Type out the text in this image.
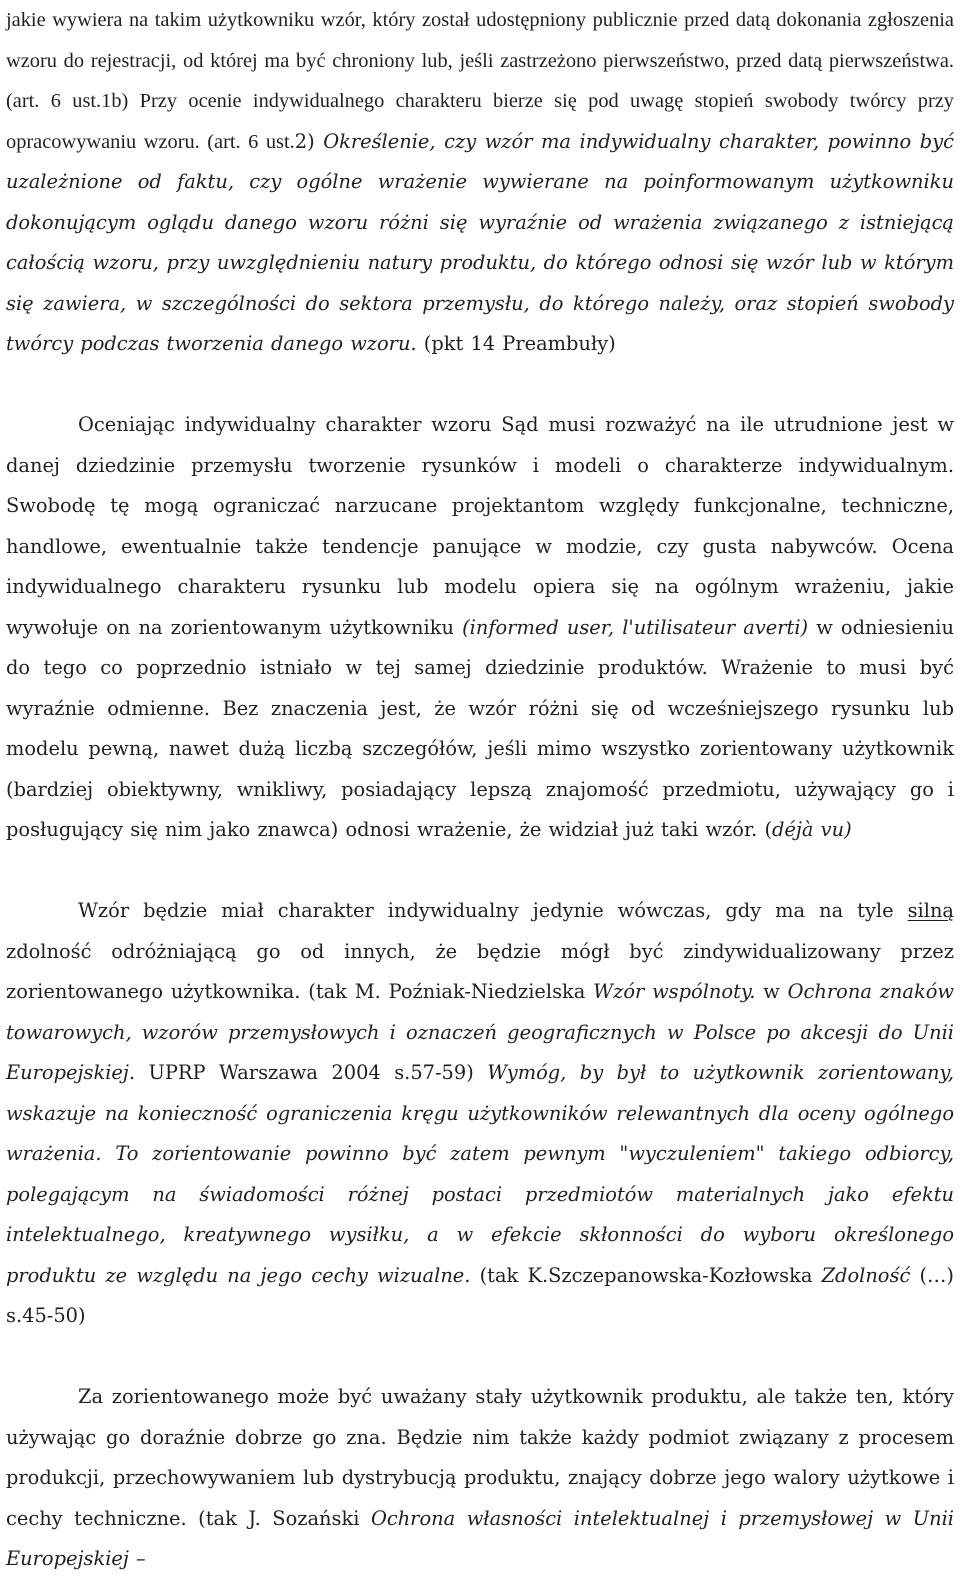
jakie wywiera na takim użytkowniku wzór, który został udostępniony publicznie przed datą dokonania zgłoszenia wzoru do rejestracji, od której ma być chroniony lub, jeśli zastrzeżono pierwszeństwo, przed datą pierwszeństwa. (art. 6 ust.1b) Przy ocenie indywidualnego charakteru bierze się pod uwagę stopień swobody twórcy przy opracowywaniu wzoru. (art. 6 ust.2) Określenie, czy wzór ma indywidualny charakter, powinno być uzależnione od faktu, czy ogólne wrażenie wywierane na poinformowanym użytkowniku dokonującym oglądu danego wzoru różni się wyraźnie od wrażenia związanego z istniejącą całością wzoru, przy uwzględnieniu natury produktu, do którego odnosi się wzór lub w którym się zawiera, w szczególności do sektora przemysłu, do którego należy, oraz stopień swobody twórcy podczas tworzenia danego wzoru. (pkt 14 Preambuły)

Oceniając indywidualny charakter wzoru Sąd musi rozważyć na ile utrudnione jest w danej dziedzinie przemysłu tworzenie rysunków i modeli o charakterze indywidualnym. Swobodę tę mogą ograniczać narzucane projektantom względy funkcjonalne, techniczne, handlowe, ewentualnie także tendencje panujące w modzie, czy gusta nabywców. Ocena indywidualnego charakteru rysunku lub modelu opiera się na ogólnym wrażeniu, jakie wywołuje on na zorientowanym użytkowniku (informed user, l'utilisateur averti) w odniesieniu do tego co poprzednio istniało w tej samej dziedzinie produktów. Wrażenie to musi być wyraźnie odmienne. Bez znaczenia jest, że wzór różni się od wcześniejszego rysunku lub modelu pewną, nawet dużą liczbą szczegółów, jeśli mimo wszystko zorientowany użytkownik (bardziej obiektywny, wnikliwy, posiadający lepszą znajomość przedmiotu, używający go i posługujący się nim jako znawca) odnosi wrażenie, że widział już taki wzór. (déjà vu)

Wzór będzie miał charakter indywidualny jedynie wówczas, gdy ma na tyle silną zdolność odróżniającą go od innych, że będzie mógł być zindywidualizowany przez zorientowanego użytkownika. (tak M. Poźniak-Niedzielska Wzór wspólnoty. w Ochrona znaków towarowych, wzorów przemysłowych i oznaczeń geograficznych w Polsce po akcesji do Unii Europejskiej. UPRP Warszawa 2004 s.57-59) Wymóg, by był to użytkownik zorientowany, wskazuje na konieczność ograniczenia kręgu użytkowników relewantnych dla oceny ogólnego wrażenia. To zorientowanie powinno być zatem pewnym "wyczuleniem" takiego odbiorcy, polegającym na świadomości różnej postaci przedmiotów materialnych jako efektu intelektualnego, kreatywnego wysiłku, a w efekcie skłonności do wyboru określonego produktu ze względu na jego cechy wizualne. (tak K.Szczepanowska-Kozłowska Zdolność (…) s.45-50)

Za zorientowanego może być uważany stały użytkownik produktu, ale także ten, który używając go doraźnie dobrze go zna. Będzie nim także każdy podmiot związany z procesem produkcji, przechowywaniem lub dystrybucją produktu, znający dobrze jego walory użytkowe i cechy techniczne. (tak J. Sozański Ochrona własności intelektualnej i przemysłowej w Unii Europejskiej –
